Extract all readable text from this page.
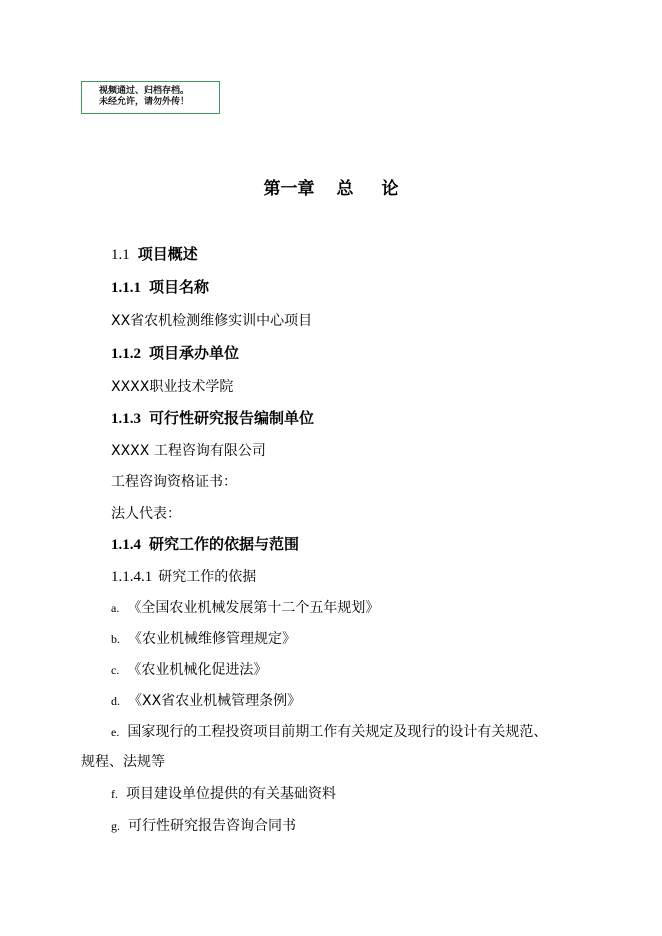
视频通过、归档存档。
未经允许，请勿外传！
第一章 总 论
1.1 项目概述
1.1.1 项目名称
XX省农机检测维修实训中心项目
1.1.2 项目承办单位
XXXX职业技术学院
1.1.3 可行性研究报告编制单位
XXXX 工程咨询有限公司
工程咨询资格证书：
法人代表：
1.1.4 研究工作的依据与范围
1.1.4.1 研究工作的依据
a. 《全国农业机械发展第十二个五年规划》
b. 《农业机械维修管理规定》
c. 《农业机械化促进法》
d. 《XX省农业机械管理条例》
e. 国家现行的工程投资项目前期工作有关规定及现行的设计有关规范、
规程、法规等
f. 项目建设单位提供的有关基础资料
g. 可行性研究报告咨询合同书
